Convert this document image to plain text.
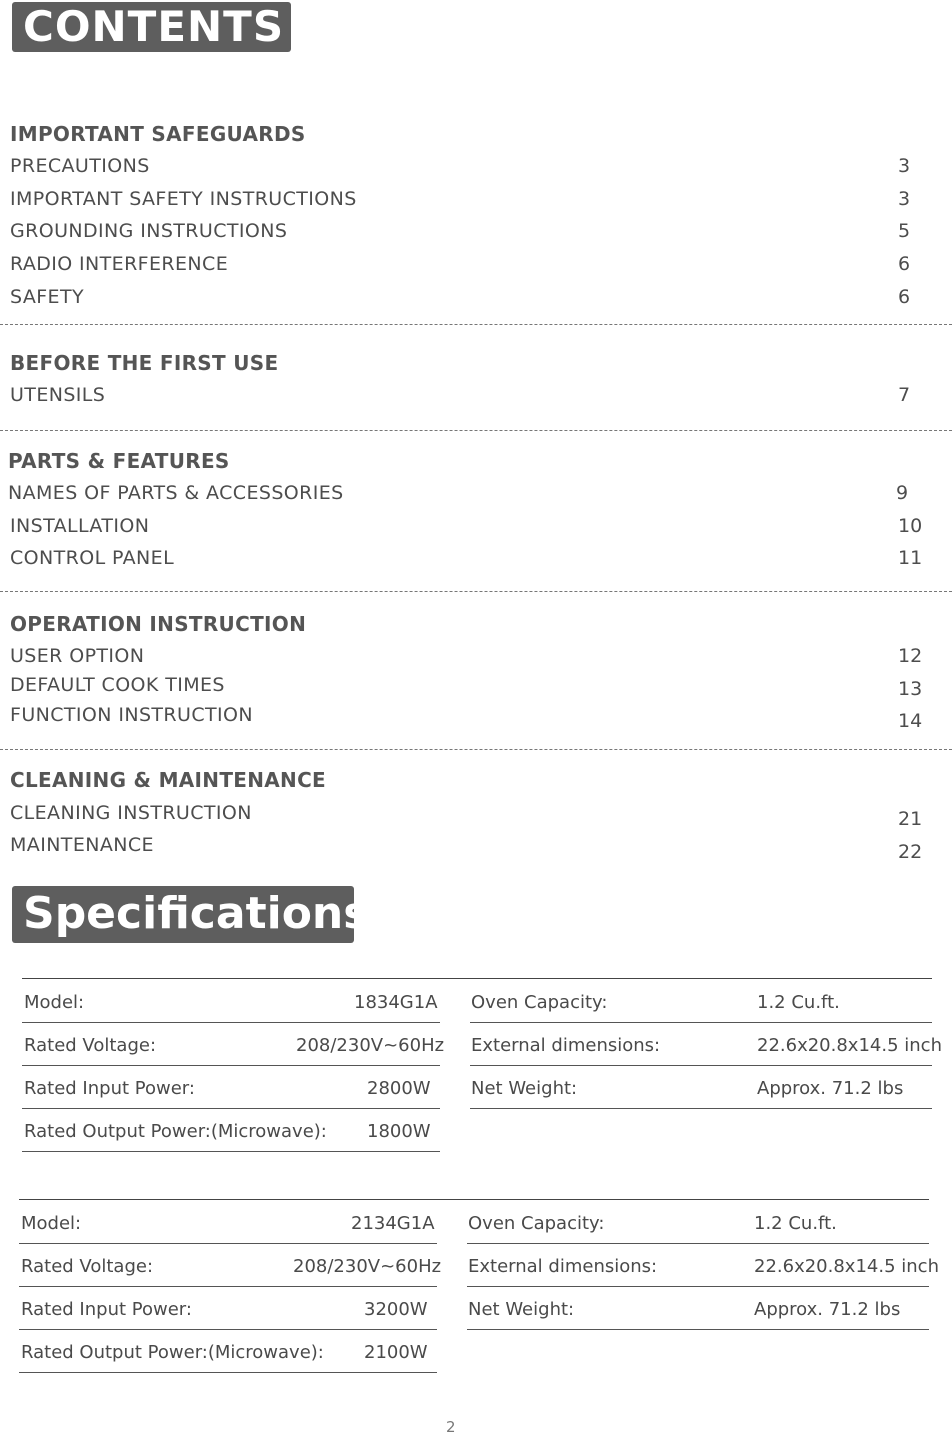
CONTENTS
IMPORTANT SAFEGUARDS
PRECAUTIONS	3
IMPORTANT SAFETY INSTRUCTIONS	3
GROUNDING INSTRUCTIONS	5
RADIO INTERFERENCE	6
SAFETY	6
BEFORE THE FIRST USE
UTENSILS	7
PARTS & FEATURES
NAMES OF PARTS & ACCESSORIES	9
INSTALLATION	10
CONTROL PANEL	11
OPERATION INSTRUCTION
USER OPTION	12
DEFAULT COOK TIMES	13
FUNCTION INSTRUCTION	14
CLEANING & MAINTENANCE
CLEANING INSTRUCTION	21
MAINTENANCE	22
Specifications
Model:	1834G1A
Rated Voltage:	208/230V~60Hz
Rated Input Power:	2800W
Rated Output Power:(Microwave): 1800W
Oven Capacity:	1.2 Cu.ft.
External dimensions:	22.6x20.8x14.5 inch
Net Weight:	Approx. 71.2 lbs
Model:	2134G1A
Rated Voltage:	208/230V~60Hz
Rated Input Power:	3200W
Rated Output Power:(Microwave): 2100W
Oven Capacity:	1.2 Cu.ft.
External dimensions:	22.6x20.8x14.5 inch
Net Weight:	Approx. 71.2 lbs
2
